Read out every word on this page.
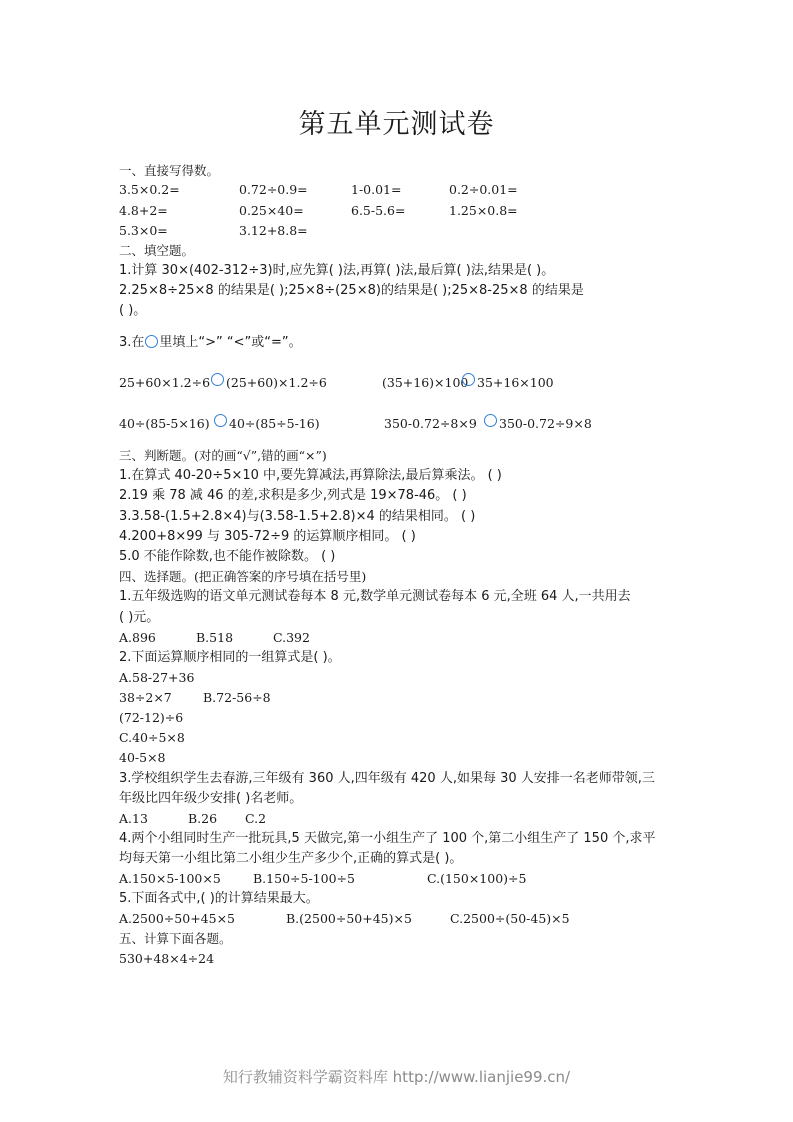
第五单元测试卷
一、直接写得数。
3.5×0.2=	0.72÷0.9=	1-0.01=	0.2÷0.01=
4.8+2=	0.25×40=	6.5-5.6=	1.25×0.8=
5.3×0=	3.12+8.8=
二、填空题。
1.计算 30×(402-312÷3)时,应先算( )法,再算( )法,最后算( )法,结果是( )。
2.25×8÷25×8 的结果是( );25×8÷(25×8)的结果是( );25×8-25×8 的结果是
( )。
3.在 里填上“>” “<”或“=”。
25+60×1.2÷6 (25+60)×1.2÷6	(35+16)×100 35+16×100
40÷(85-5×16) 40÷(85÷5-16)	350-0.72÷8×9 350-0.72÷9×8
三、判断题。(对的画“√”,错的画“×”)
1.在算式 40-20÷5×10 中,要先算减法,再算除法,最后算乘法。 ( )
2.19 乘 78 减 46 的差,求积是多少,列式是 19×78-46。 ( )
3.3.58-(1.5+2.8×4)与(3.58-1.5+2.8)×4 的结果相同。 ( )
4.200+8×99 与 305-72÷9 的运算顺序相同。 ( )
5.0 不能作除数,也不能作被除数。 ( )
四、选择题。(把正确答案的序号填在括号里)
1.五年级选购的语文单元测试卷每本 8 元,数学单元测试卷每本 6 元,全班 64 人,一共用去
( )元。
A.896	B.518	C.392
2.下面运算顺序相同的一组算式是( )。
A.58-27+36
38÷2×7 B.72-56÷8
(72-12)÷6
C.40÷5×8
40-5×8
3.学校组织学生去春游,三年级有 360 人,四年级有 420 人,如果每 30 人安排一名老师带领,三
年级比四年级少安排( )名老师。
A.13	B.26 C.2
4.两个小组同时生产一批玩具,5 天做完,第一小组生产了 100 个,第二小组生产了 150 个,求平
均每天第一小组比第二小组少生产多少个,正确的算式是( )。
A.150×5-100×5	B.150÷5-100÷5	C.(150×100)÷5
5.下面各式中,( )的计算结果最大。
A.2500÷50+45×5	B.(2500÷50+45)×5	C.2500÷(50-45)×5
五、计算下面各题。
530+48×4÷24
知行教辅资料学霸资料库 http://www.lianjie99.cn/
